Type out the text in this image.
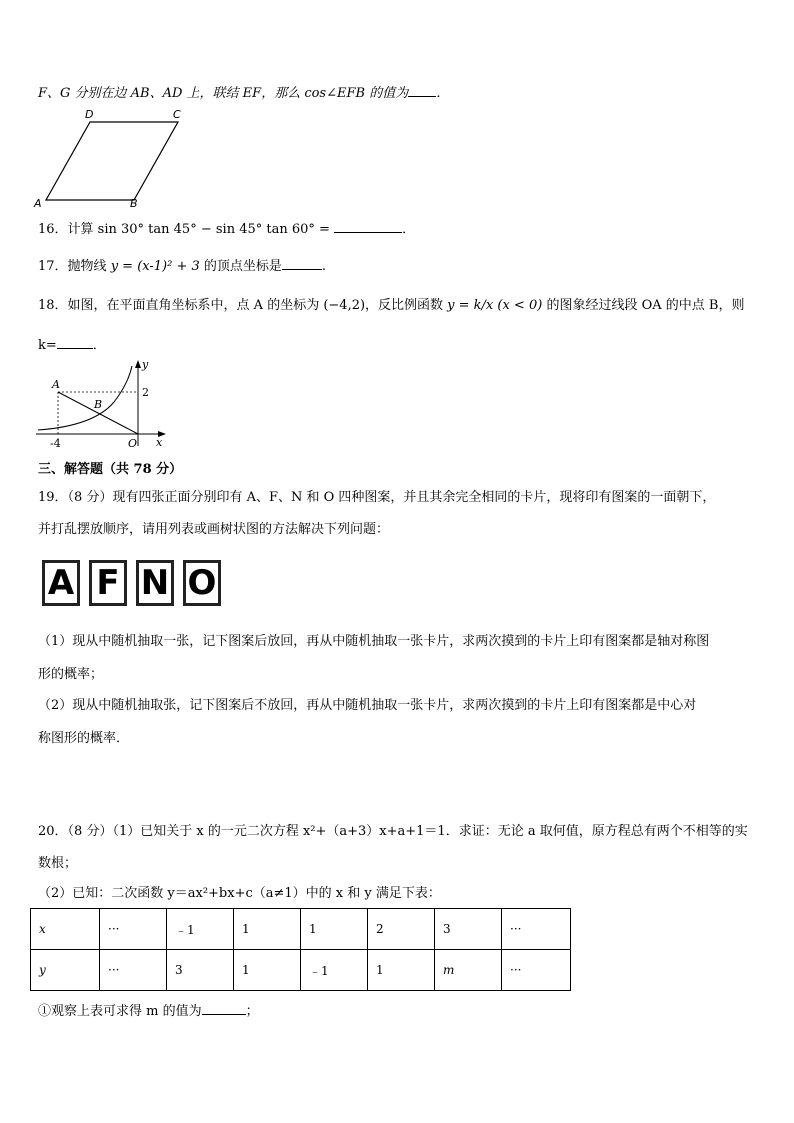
F、G 分别在边 AB、AD 上，联结 EF，那么 cos∠EFB 的值为 ．
A	B
C
D
16．计算 sin 30° tan 45° − sin 45° tan 60° =	．
17．抛物线 y = (x-1)² + 3 的顶点坐标是	.
18．如图，在平面直角坐标系中，点 A 的坐标为 (−4,2)，反比例函数 y = k/x (x < 0) 的图象经过线段 OA 的中点 B，则
k=	．
y
x
A
B
O
2
-4
三、解答题（共 78 分）
19．（8 分）现有四张正面分别印有 A、F、N 和 O 四种图案，并且其余完全相同的卡片，现将印有图案的一面朝下，
并打乱摆放顺序，请用列表或画树状图的方法解决下列问题：
A F N O
（1）现从中随机抽取一张，记下图案后放回，再从中随机抽取一张卡片，求两次摸到的卡片上印有图案都是轴对称图
形的概率；
（2）现从中随机抽取张，记下图案后不放回，再从中随机抽取一张卡片，求两次摸到的卡片上印有图案都是中心对
称图形的概率．
20．（8 分）（1）已知关于 x 的一元二次方程 x²+（a+3）x+a+1＝1．求证：无论 a 取何值，原方程总有两个不相等的实
数根；
（2）已知：二次函数 y＝ax²+bx+c（a≠1）中的 x 和 y 满足下表：
x	···	﹣1	1	1	2	3	···
y	···	3	1	﹣1	1	m	···
①观察上表可求得 m 的值为	；
